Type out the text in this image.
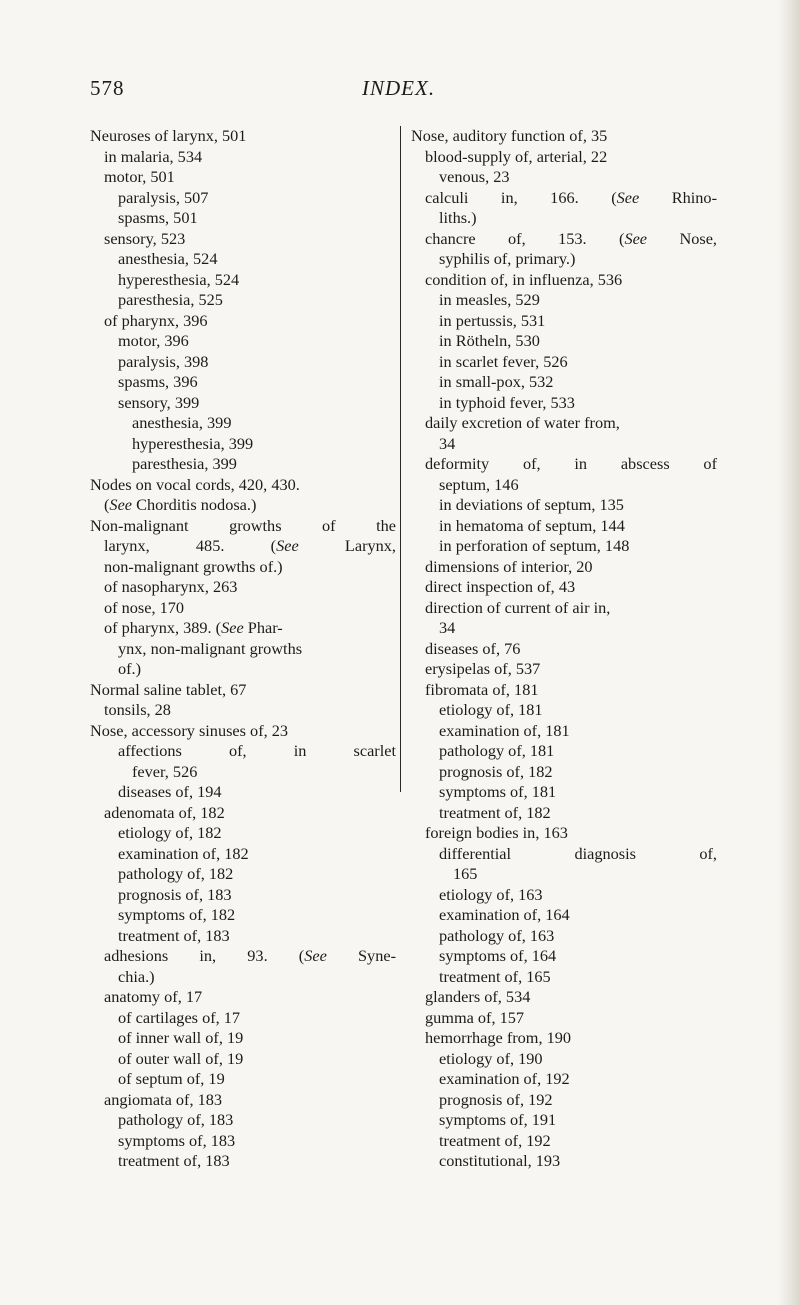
578	INDEX.
Neuroses of larynx, 501
in malaria, 534
motor, 501
paralysis, 507
spasms, 501
sensory, 523
anesthesia, 524
hyperesthesia, 524
paresthesia, 525
of pharynx, 396
motor, 396
paralysis, 398
spasms, 396
sensory, 399
anesthesia, 399
hyperesthesia, 399
paresthesia, 399
Nodes on vocal cords, 420, 430.
(See Chorditis nodosa.)
Non-malignant growths of the
larynx, 485. (See Larynx,
non-malignant growths of.)
of nasopharynx, 263
of nose, 170
of pharynx, 389. (See Phar-
ynx, non-malignant growths
of.)
Normal saline tablet, 67
tonsils, 28
Nose, accessory sinuses of, 23
affections of, in scarlet
fever, 526
diseases of, 194
adenomata of, 182
etiology of, 182
examination of, 182
pathology of, 182
prognosis of, 183
symptoms of, 182
treatment of, 183
adhesions in, 93. (See Syne-
chia.)
anatomy of, 17
of cartilages of, 17
of inner wall of, 19
of outer wall of, 19
of septum of, 19
angiomata of, 183
pathology of, 183
symptoms of, 183
treatment of, 183
Nose, auditory function of, 35
blood-supply of, arterial, 22
venous, 23
calculi in, 166. (See Rhino-
liths.)
chancre of, 153. (See Nose,
syphilis of, primary.)
condition of, in influenza, 536
in measles, 529
in pertussis, 531
in Rötheln, 530
in scarlet fever, 526
in small-pox, 532
in typhoid fever, 533
daily excretion of water from,
34
deformity of, in abscess of
septum, 146
in deviations of septum, 135
in hematoma of septum, 144
in perforation of septum, 148
dimensions of interior, 20
direct inspection of, 43
direction of current of air in,
34
diseases of, 76
erysipelas of, 537
fibromata of, 181
etiology of, 181
examination of, 181
pathology of, 181
prognosis of, 182
symptoms of, 181
treatment of, 182
foreign bodies in, 163
differential diagnosis of,
165
etiology of, 163
examination of, 164
pathology of, 163
symptoms of, 164
treatment of, 165
glanders of, 534
gumma of, 157
hemorrhage from, 190
etiology of, 190
examination of, 192
prognosis of, 192
symptoms of, 191
treatment of, 192
constitutional, 193
